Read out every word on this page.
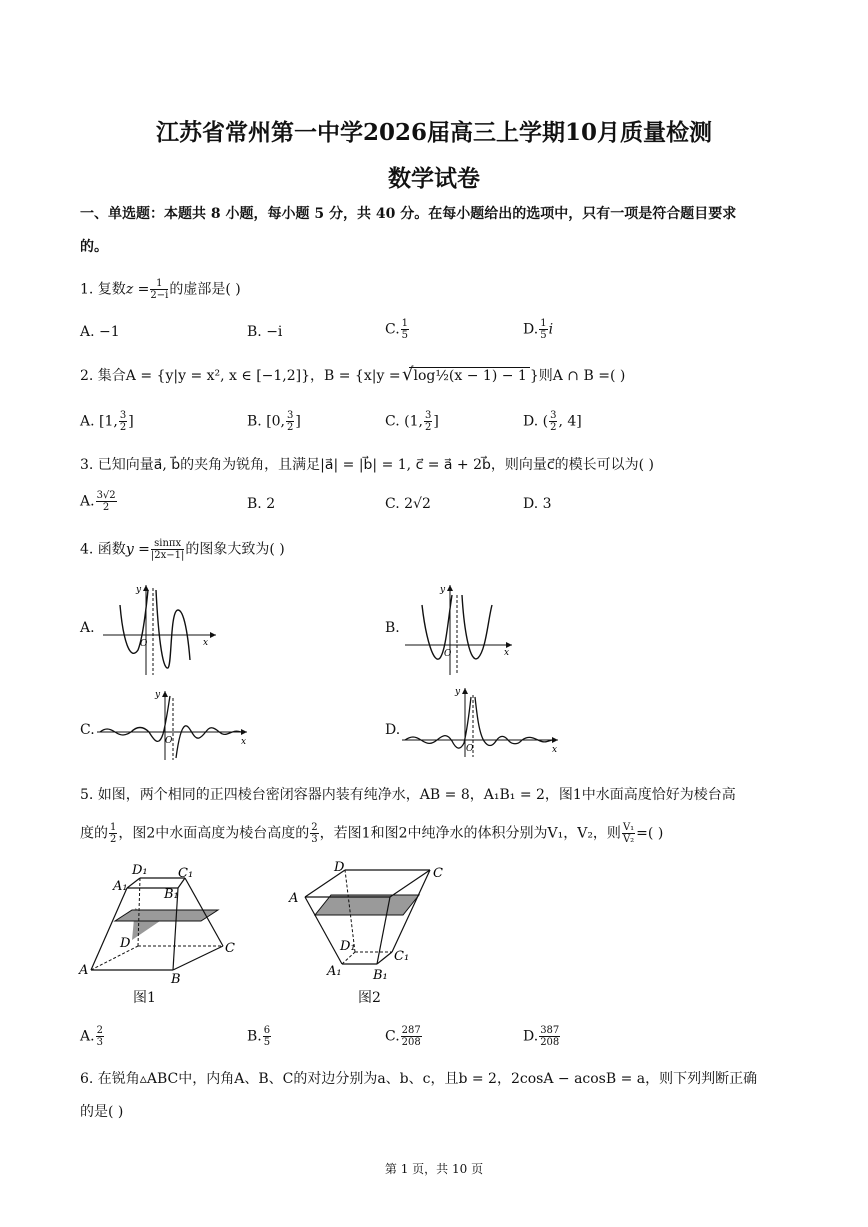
江苏省常州第一中学2026届高三上学期10月质量检测
数学试卷
一、单选题：本题共 8 小题，每小题 5 分，共 40 分。在每小题给出的选项中，只有一项是符合题目要求
的。
1. 复数$z = \frac{1}{2-i}$ 的虚部是( )
A. −1	B. −i	C. $\frac{1}{5}$	D. $\frac{1}{5}$ i
2. 集合A = {y|y = x², x ∈ [−1,2]}，B = {x|y = √log½(x − 1) − 1 }则A ∩ B =( )
A. [1, $\frac{3}{2}$ ]	B. [0, $\frac{3}{2}$ ]	C. (1, $\frac{3}{2}$ ]	D. ( $\frac{3}{2}$ , 4]
3. 已知向量a⃗, b⃗的夹角为锐角，且满足|a⃗| = |b⃗| = 1, c⃗ = a⃗ + 2b⃗，则向量c⃗的模长可以为( )
A. $\frac{3√2}{2}$	B. 2	C. 2√2	D. 3
4. 函数$y = \frac{\sin\pi x}{|2x-1|}$ 的图象大致为( )
A.
x
y
O
B.
x
y
O
C.
x
y
O
D.
x
y
O
5. 如图，两个相同的正四棱台密闭容器内装有纯净水，AB = 8，A₁B₁ = 2，图1中水面高度恰好为棱台高
度的 $\frac{1}{2}$ ，图2中水面高度为棱台高度的 $\frac{2}{3}$ ，若图1和图2中纯净水的体积分别为V₁，V₂，则 $\frac{\text{V₁}}{\text{V₂}}$ =( )
A
B
C
D
A₁
B₁
C₁
D₁
图1
A
D	C
D₁
A₁ B₁
C₁
图2
A. $\frac{2}{3}$	B. $\frac{6}{5}$	C. $\frac{287}{208}$	D. $\frac{387}{208}$
6. 在锐角▵ABC中，内角A、B、C的对边分别为a、b、c，且b = 2，2cosA − acosB = a，则下列判断正确
的是( )
第 1 页，共 10 页
